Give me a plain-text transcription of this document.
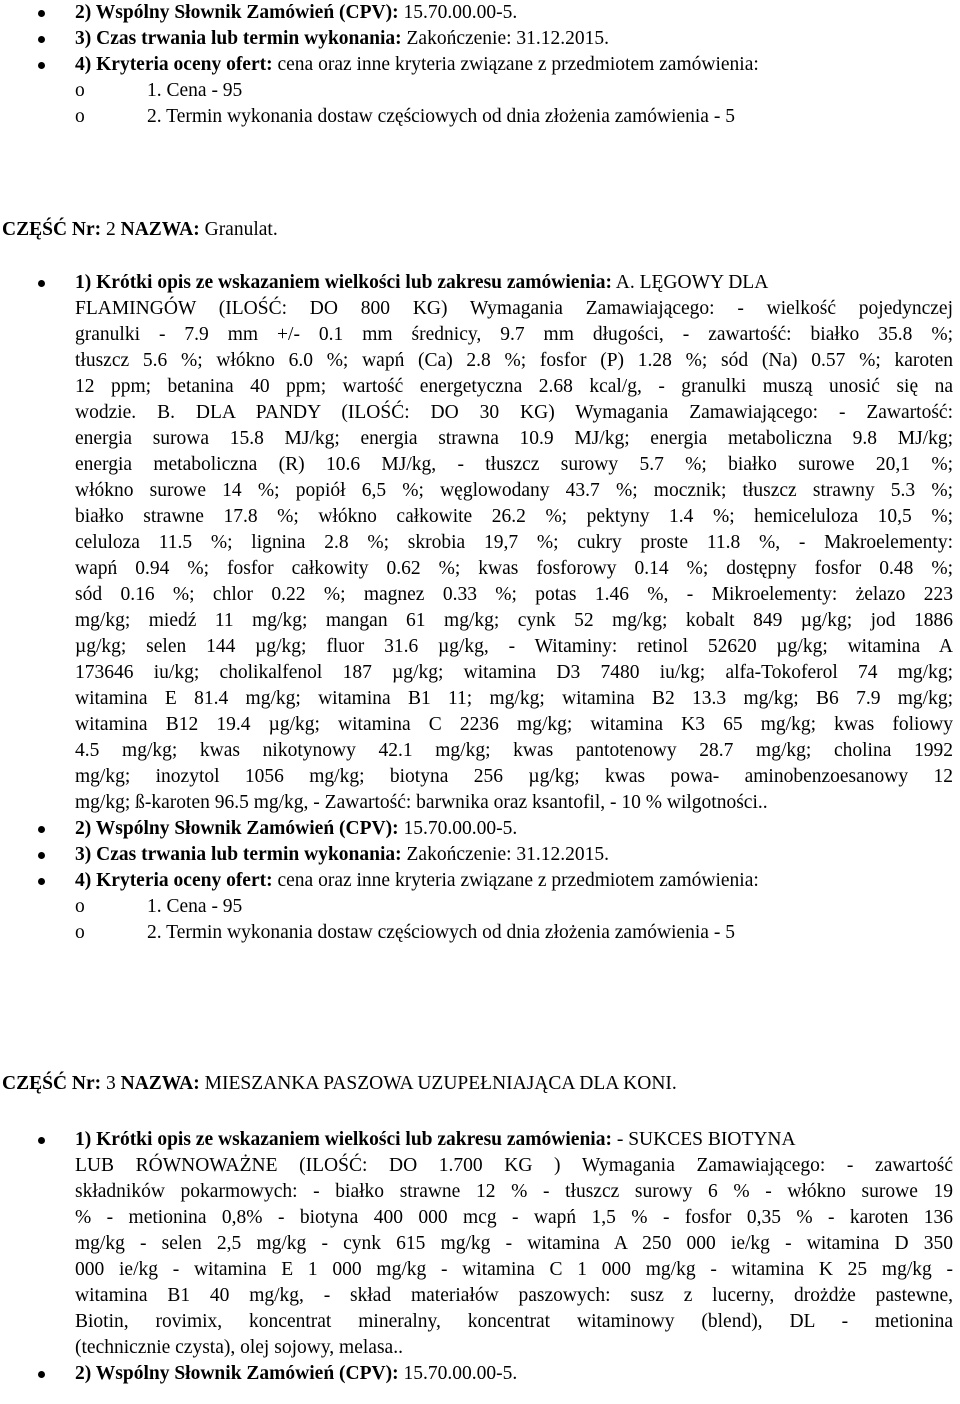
2) Wspólny Słownik Zamówień (CPV): 15.70.00.00-5.
3) Czas trwania lub termin wykonania: Zakończenie: 31.12.2015.
4) Kryteria oceny ofert: cena oraz inne kryteria związane z przedmiotem zamówienia:
o	1. Cena - 95
o	2. Termin wykonania dostaw częściowych od dnia złożenia zamówienia - 5
CZĘŚĆ Nr: 2 NAZWA: Granulat.
1) Krótki opis ze wskazaniem wielkości lub zakresu zamówienia: A. LĘGOWY DLA
FLAMINGÓW (ILOŚĆ: DO 800 KG) Wymagania Zamawiającego: - wielkość pojedynczej
granulki - 7.9 mm +/- 0.1 mm średnicy, 9.7 mm długości, - zawartość: białko 35.8 %;
tłuszcz 5.6 %; włókno 6.0 %; wapń (Ca) 2.8 %; fosfor (P) 1.28 %; sód (Na) 0.57 %; karoten
12 ppm; betanina 40 ppm; wartość energetyczna 2.68 kcal/g, - granulki muszą unosić się na
wodzie. B. DLA PANDY (ILOŚĆ: DO 30 KG) Wymagania Zamawiającego: - Zawartość:
energia surowa 15.8 MJ/kg; energia strawna 10.9 MJ/kg; energia metaboliczna 9.8 MJ/kg;
energia metaboliczna (R) 10.6 MJ/kg, - tłuszcz surowy 5.7 %; białko surowe 20,1 %;
włókno surowe 14 %; popiół 6,5 %; węglowodany 43.7 %; mocznik; tłuszcz strawny 5.3 %;
białko strawne 17.8 %; włókno całkowite 26.2 %; pektyny 1.4 %; hemiceluloza 10,5 %;
celuloza 11.5 %; lignina 2.8 %; skrobia 19,7 %; cukry proste 11.8 %, - Makroelementy:
wapń 0.94 %; fosfor całkowity 0.62 %; kwas fosforowy 0.14 %; dostępny fosfor 0.48 %;
sód 0.16 %; chlor 0.22 %; magnez 0.33 %; potas 1.46 %, - Mikroelementy: żelazo 223
mg/kg; miedź 11 mg/kg; mangan 61 mg/kg; cynk 52 mg/kg; kobalt 849 µg/kg; jod 1886
µg/kg; selen 144 µg/kg; fluor 31.6 µg/kg, - Witaminy: retinol 52620 µg/kg; witamina A
173646 iu/kg; cholikalfenol 187 µg/kg; witamina D3 7480 iu/kg; alfa-Tokoferol 74 mg/kg;
witamina E 81.4 mg/kg; witamina B1 11; mg/kg; witamina B2 13.3 mg/kg; B6 7.9 mg/kg;
witamina B12 19.4 µg/kg; witamina C 2236 mg/kg; witamina K3 65 mg/kg; kwas foliowy
4.5 mg/kg; kwas nikotynowy 42.1 mg/kg; kwas pantotenowy 28.7 mg/kg; cholina 1992
mg/kg; inozytol 1056 mg/kg; biotyna 256 µg/kg; kwas powa- aminobenzoesanowy 12
mg/kg; ß-karoten 96.5 mg/kg, - Zawartość: barwnika oraz ksantofil, - 10 % wilgotności..
2) Wspólny Słownik Zamówień (CPV): 15.70.00.00-5.
3) Czas trwania lub termin wykonania: Zakończenie: 31.12.2015.
4) Kryteria oceny ofert: cena oraz inne kryteria związane z przedmiotem zamówienia:
o	1. Cena - 95
o	2. Termin wykonania dostaw częściowych od dnia złożenia zamówienia - 5
CZĘŚĆ Nr: 3 NAZWA: MIESZANKA PASZOWA UZUPEŁNIAJĄCA DLA KONI.
1) Krótki opis ze wskazaniem wielkości lub zakresu zamówienia: - SUKCES BIOTYNA
LUB RÓWNOWAŻNE (ILOŚĆ: DO 1.700 KG ) Wymagania Zamawiającego: - zawartość
składników pokarmowych: - białko strawne 12 % - tłuszcz surowy 6 % - włókno surowe 19
% - metionina 0,8% - biotyna 400 000 mcg - wapń 1,5 % - fosfor 0,35 % - karoten 136
mg/kg - selen 2,5 mg/kg - cynk 615 mg/kg - witamina A 250 000 ie/kg - witamina D 350
000 ie/kg - witamina E 1 000 mg/kg - witamina C 1 000 mg/kg - witamina K 25 mg/kg -
witamina B1 40 mg/kg, - skład materiałów paszowych: susz z lucerny, drożdże pastewne,
Biotin, rovimix, koncentrat mineralny, koncentrat witaminowy (blend), DL - metionina
(technicznie czysta), olej sojowy, melasa..
2) Wspólny Słownik Zamówień (CPV): 15.70.00.00-5.
